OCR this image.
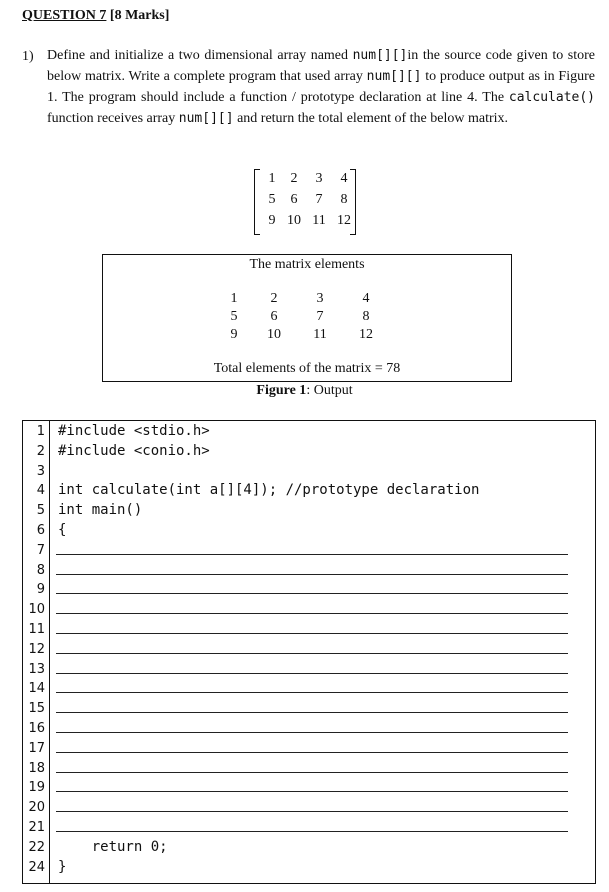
QUESTION 7 [8 Marks]
1) Define and initialize a two dimensional array named num[][]in the source code given to store below matrix. Write a complete program that used array num[][] to produce output as in Figure 1. The program should include a function / prototype declaration at line 4. The calculate() function receives array num[][] and return the total element of the below matrix.
1	2	3	4
5	6	7	8
9 10 11 12
The matrix elements
Total elements of the matrix = 78
1	2	3	4
5	6	7	8
9	10	11	12
Figure 1: Output
1 #include <stdio.h>
2 #include <conio.h>
3
4 int calculate(int a[][4]); //prototype declaration
5 int main()
6 {
7
8
9
10
11
12
13
14
15
16
17
18
19
20
21
22 return 0;
24 }
